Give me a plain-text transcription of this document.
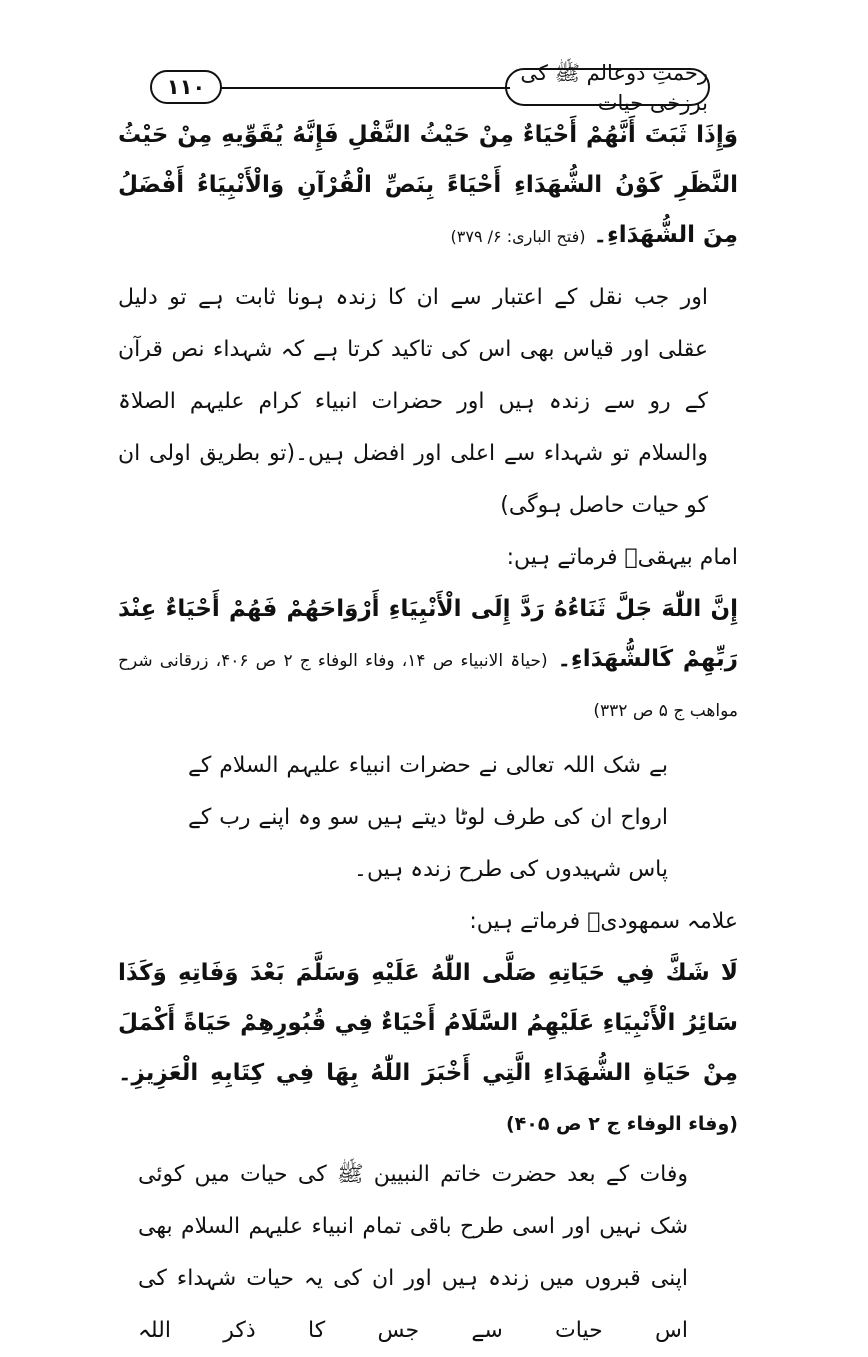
١١٠
رحمتِ دوعالم ﷺ کی برزخی حیات
وَإِذَا ثَبَتَ أَنَّهُمْ أَحْيَاءٌ مِنْ حَيْثُ النَّقْلِ فَإِنَّهُ يُقَوِّيهِ مِنْ حَيْثُ النَّظَرِ كَوْنُ الشُّهَدَاءِ أَحْيَاءً بِنَصِّ الْقُرْآنِ وَالْأَنْبِيَاءُ أَفْضَلُ مِنَ الشُّهَدَاءِ۔ (فتح الباری: ۶/ ۳۷۹)
اور جب نقل کے اعتبار سے ان کا زندہ ہونا ثابت ہے تو دلیل عقلی اور قیاس بھی اس کی تاکید کرتا ہے کہ شہداء نص قرآن کے رو سے زندہ ہیں اور حضرات انبیاء کرام علیہم الصلاۃ والسلام تو شہداء سے اعلی اور افضل ہیں۔(تو بطریق اولی ان کو حیات حاصل ہوگی)
امام بیہقیؒ فرماتے ہیں:
إِنَّ اللّٰهَ جَلَّ ثَنَاءُهُ رَدَّ إِلَى الْأَنْبِيَاءِ أَرْوَاحَهُمْ فَهُمْ أَحْيَاءٌ عِنْدَ رَبِّهِمْ كَالشُّهَدَاءِ۔ (حیاۃ الانبیاء ص ۱۴، وفاء الوفاء ج ۲ ص ۴۰۶، زرقانی شرح مواھب ج ۵ ص ۳۳۲)
بے شک اللہ تعالی نے حضرات انبیاء علیہم السلام کے ارواح ان کی طرف لوٹا دیتے ہیں سو وہ اپنے رب کے پاس شہیدوں کی طرح زندہ ہیں۔
علامہ سمھودیؒ فرماتے ہیں:
لَا شَكَّ فِي حَيَاتِهِ صَلَّى اللّٰهُ عَلَيْهِ وَسَلَّمَ بَعْدَ وَفَاتِهِ وَكَذَا سَائِرُ الْأَنْبِيَاءِ عَلَيْهِمُ السَّلَامُ أَحْيَاءٌ فِي قُبُورِهِمْ حَيَاةً أَكْمَلَ مِنْ حَيَاةِ الشُّهَدَاءِ الَّتِي أَخْبَرَ اللّٰهُ بِهَا فِي كِتَابِهِ الْعَزِيزِ۔ (وفاء الوفاء ج ۲ ص ۴۰۵)
وفات کے بعد حضرت خاتم النبیین ﷺ کی حیات میں کوئی شک نہیں اور اسی طرح باقی تمام انبیاء علیہم السلام بھی اپنی قبروں میں زندہ ہیں اور ان کی یہ حیات شہداء کی اس حیات سے جس کا ذکر اللہ
